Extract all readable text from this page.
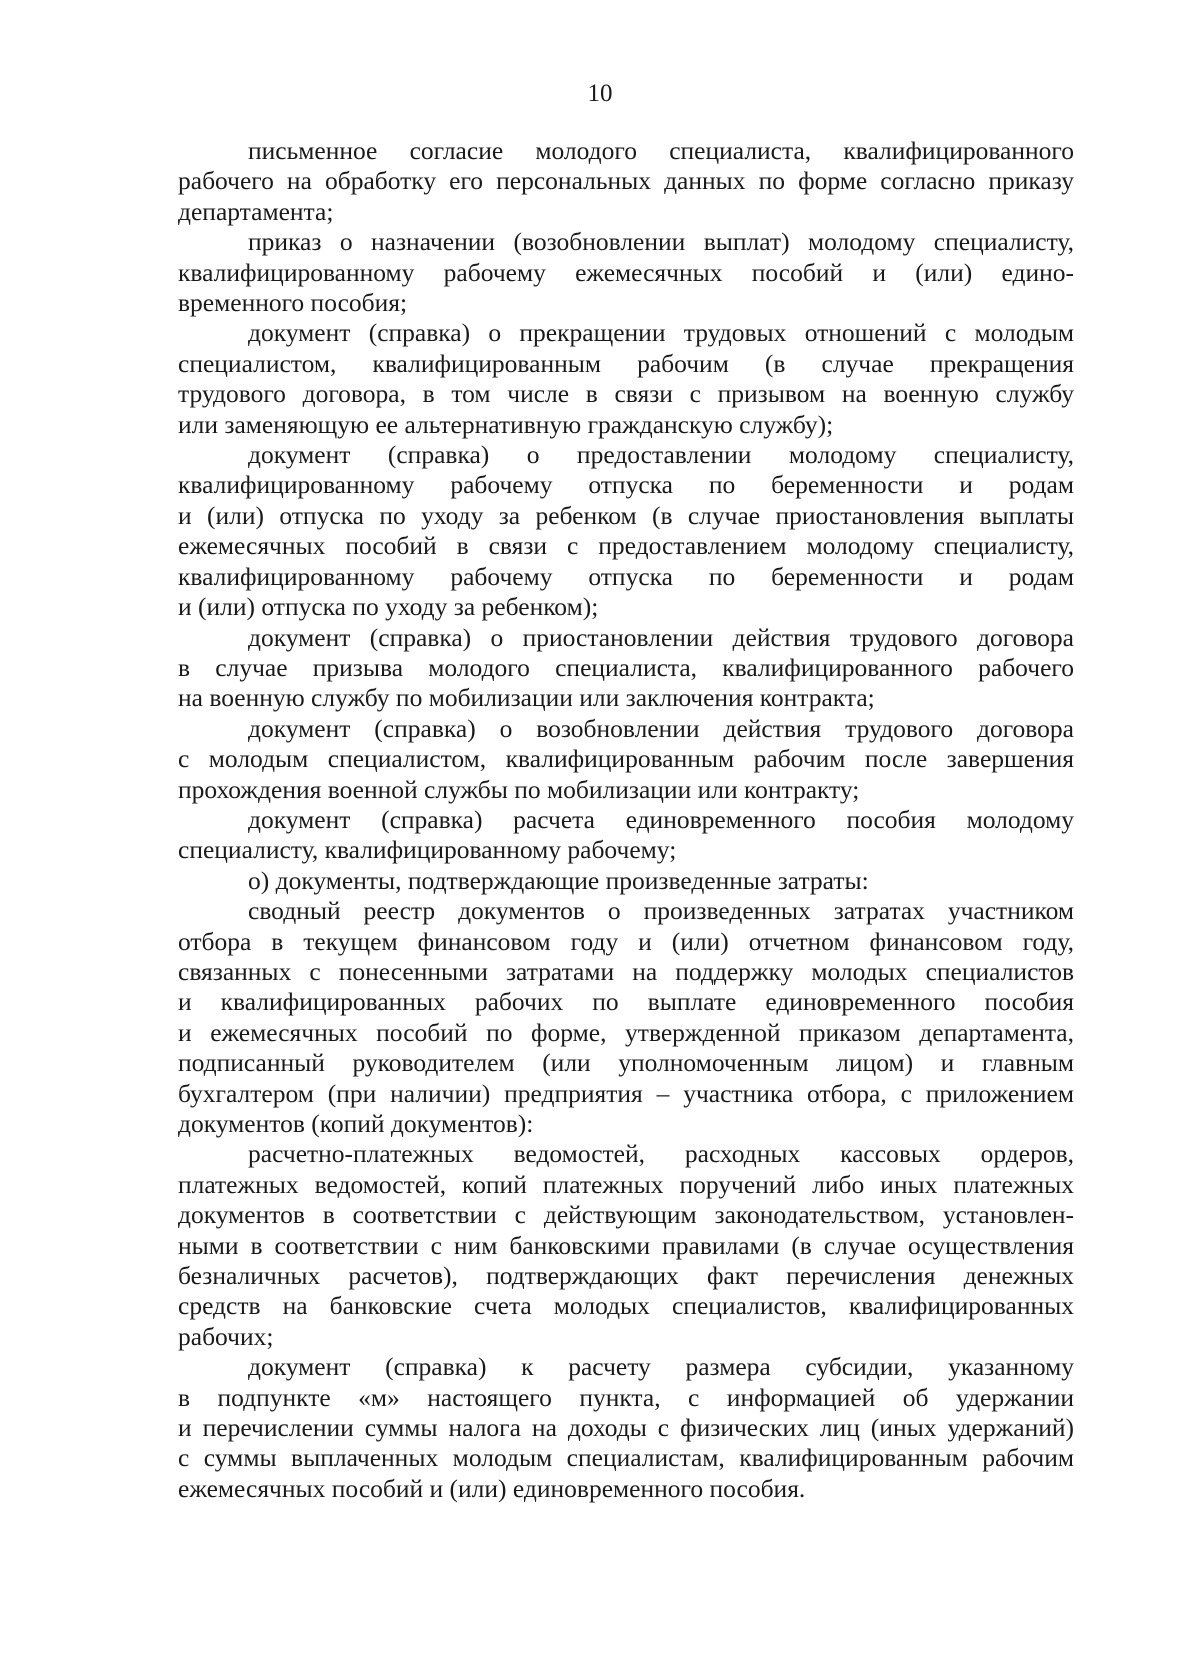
10

письменное согласие молодого специалиста, квалифицированного
рабочего на обработку его персональных данных по форме согласно приказу
департамента;

приказ о назначении (возобновлении выплат) молодому специалисту,
квалифицированному рабочему ежемесячных пособий и (или) едино-
временного пособия;

документ (справка) о прекращении трудовых отношений с молодым
специалистом, квалифицированным рабочим (в случае прекращения
трудового договора, в том числе в связи с призывом на военную службу
или заменяющую ее альтернативную гражданскую службу);

документ (справка) о предоставлении молодому специалисту,
квалифицированному рабочему отпуска по беременности и родам
и (или) отпуска по уходу за ребенком (в случае приостановления выплаты
ежемесячных пособий в связи с предоставлением молодому специалисту,
квалифицированному рабочему отпуска по беременности и родам
и (или) отпуска по уходу за ребенком);

документ (справка) о приостановлении действия трудового договора
в случае призыва молодого специалиста, квалифицированного рабочего
на военную службу по мобилизации или заключения контракта;

документ (справка) о возобновлении действия трудового договора
с молодым специалистом, квалифицированным рабочим после завершения
прохождения военной службы по мобилизации или контракту;

документ (справка) расчета единовременного пособия молодому
специалисту, квалифицированному рабочему;

о) документы, подтверждающие произведенные затраты:

сводный реестр документов о произведенных затратах участником
отбора в текущем финансовом году и (или) отчетном финансовом году,
связанных с понесенными затратами на поддержку молодых специалистов
и квалифицированных рабочих по выплате единовременного пособия
и ежемесячных пособий по форме, утвержденной приказом департамента,
подписанный руководителем (или уполномоченным лицом) и главным
бухгалтером (при наличии) предприятия – участника отбора, с приложением
документов (копий документов):

расчетно-платежных ведомостей, расходных кассовых ордеров,
платежных ведомостей, копий платежных поручений либо иных платежных
документов в соответствии с действующим законодательством, установлен-
ными в соответствии с ним банковскими правилами (в случае осуществления
безналичных расчетов), подтверждающих факт перечисления денежных
средств на банковские счета молодых специалистов, квалифицированных
рабочих;

документ (справка) к расчету размера субсидии, указанному
в подпункте «м» настоящего пункта, с информацией об удержании
и перечислении суммы налога на доходы с физических лиц (иных удержаний)
с суммы выплаченных молодым специалистам, квалифицированным рабочим
ежемесячных пособий и (или) единовременного пособия.
